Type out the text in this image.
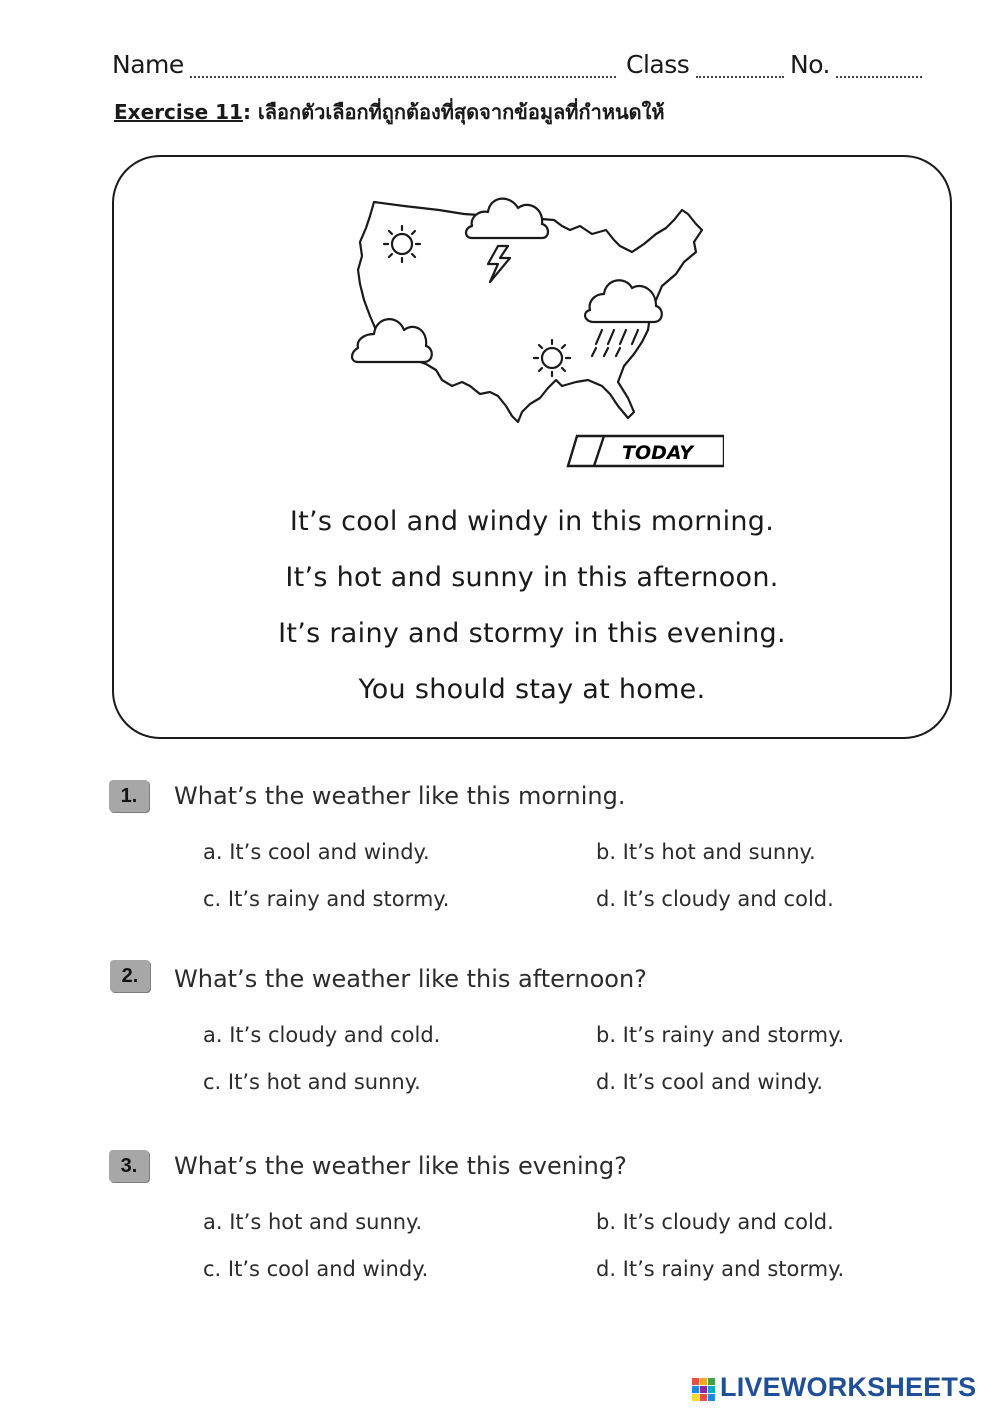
Name	Class	No.
Exercise 11: เลือกตัวเลือกที่ถูกต้องที่สุดจากข้อมูลที่กำหนดให้
TODAY
It’s cool and windy in this morning.
It’s hot and sunny in this afternoon.
It’s rainy and stormy in this evening.
You should stay at home.
1.	What’s the weather like this morning.
a. It’s cool and windy.	b. It’s hot and sunny.
c. It’s rainy and stormy.	d. It’s cloudy and cold.
2.	What’s the weather like this afternoon?
a. It’s cloudy and cold.	b. It’s rainy and stormy.
c. It’s hot and sunny.	d. It’s cool and windy.
3.	What’s the weather like this evening?
a. It’s hot and sunny.	b. It’s cloudy and cold.
c. It’s cool and windy.	d. It’s rainy and stormy.
LIVEWORKSHEETS
